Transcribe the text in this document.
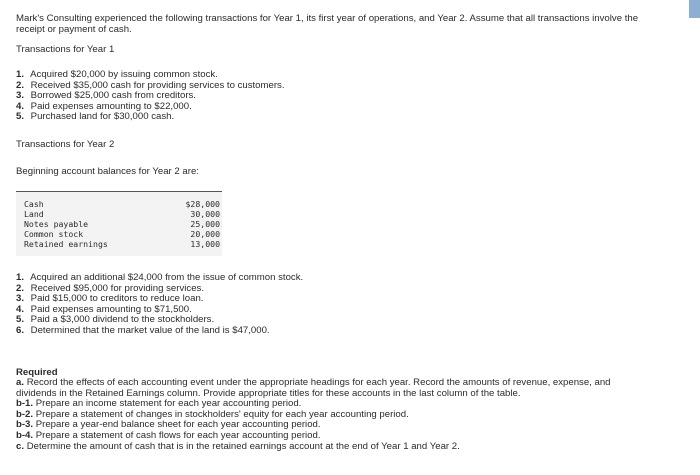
Mark's Consulting experienced the following transactions for Year 1, its first year of operations, and Year 2. Assume that all transactions involve the receipt or payment of cash.
Transactions for Year 1
1. Acquired $20,000 by issuing common stock.
2. Received $35,000 cash for providing services to customers.
3. Borrowed $25,000 cash from creditors.
4. Paid expenses amounting to $22,000.
5. Purchased land for $30,000 cash.
Transactions for Year 2
Beginning account balances for Year 2 are:
Cash	$28,000
Land	30,000
Notes payable	25,000
Common stock	20,000
Retained earnings	13,000
1. Acquired an additional $24,000 from the issue of common stock.
2. Received $95,000 for providing services.
3. Paid $15,000 to creditors to reduce loan.
4. Paid expenses amounting to $71,500.
5. Paid a $3,000 dividend to the stockholders.
6. Determined that the market value of the land is $47,000.
Required
a. Record the effects of each accounting event under the appropriate headings for each year. Record the amounts of revenue, expense, and dividends in the Retained Earnings column. Provide appropriate titles for these accounts in the last column of the table.
b-1. Prepare an income statement for each year accounting period.
b-2. Prepare a statement of changes in stockholders' equity for each year accounting period.
b-3. Prepare a year-end balance sheet for each year accounting period.
b-4. Prepare a statement of cash flows for each year accounting period.
c. Determine the amount of cash that is in the retained earnings account at the end of Year 1 and Year 2.
